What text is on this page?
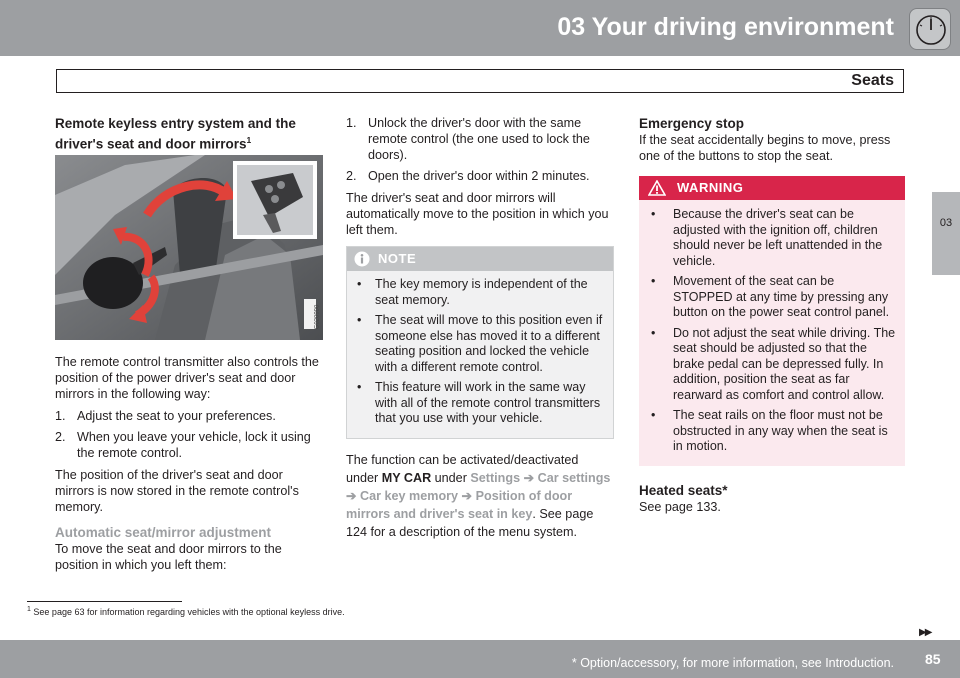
03 Your driving environment
Seats
03
Remote keyless entry system and the driver's seat and door mirrors$^1$
G020990

The remote control transmitter also controls the position of the power driver's seat and door mirrors in the following way:

1. Adjust the seat to your preferences.
2. When you leave your vehicle, lock it using the remote control.

The position of the driver's seat and door mirrors is now stored in the remote control's memory.

Automatic seat/mirror adjustment

To move the seat and door mirrors to the position in which you left them:

1. Unlock the driver's door with the same remote control (the one used to lock the doors).
2. Open the driver's door within 2 minutes.

The driver's seat and door mirrors will automatically move to the position in which you left them.

NOTE
• The key memory is independent of the seat memory.
• The seat will move to this position even if someone else has moved it to a different seating position and locked the vehicle with a different remote control.
• This feature will work in the same way with all of the remote control transmitters that you use with your vehicle.

The function can be activated/deactivated under MY CAR under Settings ➔ Car settings ➔ Car key memory ➔ Position of door mirrors and driver's seat in key. See page 124 for a description of the menu system.

Emergency stop

If the seat accidentally begins to move, press one of the buttons to stop the seat.

WARNING
• Because the driver's seat can be adjusted with the ignition off, children should never be left unattended in the vehicle.
• Movement of the seat can be STOPPED at any time by pressing any button on the power seat control panel.
• Do not adjust the seat while driving. The seat should be adjusted so that the brake pedal can be depressed fully. In addition, position the seat as far rearward as comfort and control allow.
• The seat rails on the floor must not be obstructed in any way when the seat is in motion.
Heated seats*

See page 133.

$^1$ See page 63 for information regarding vehicles with the optional keyless drive.
▶▶
* Option/accessory, for more information, see Introduction. 85
